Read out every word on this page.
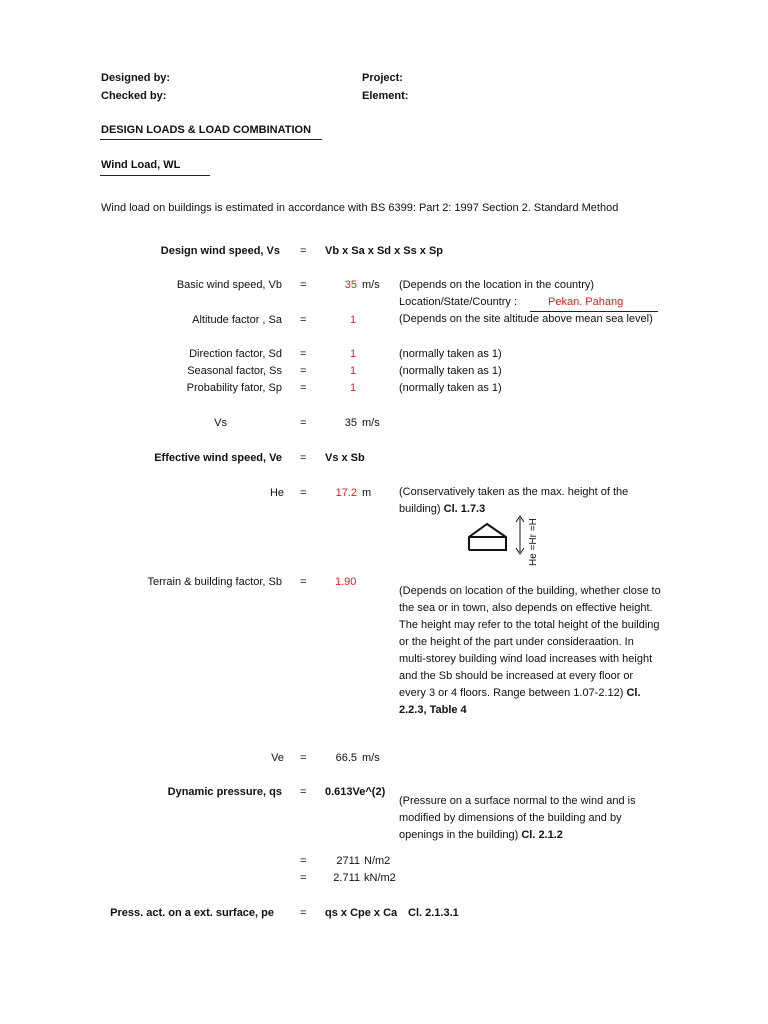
Designed by:
Checked by:
Project:
Element:
DESIGN LOADS & LOAD COMBINATION
Wind Load, WL
Wind load on buildings is estimated in accordance with BS 6399: Part 2: 1997 Section 2. Standard Method
Design wind speed, Vs = Vb x Sa x Sd x Ss x Sp
Basic wind speed, Vb =	35 m/s (Depends on the location in the country)
Location/State/Country :	Pekan. Pahang
Altitude factor , Sa =	1	(Depends on the site altitude above mean sea level)
Direction factor, Sd =	1	(normally taken as 1)
Seasonal factor, Ss =	1	(normally taken as 1)
Probability fator, Sp =	1	(normally taken as 1)
Vs	=	35 m/s
Effective wind speed, Ve = Vs x Sb
He =	17.2 m	(Conservatively taken as the max. height of the building) Cl. 1.7.3
He =Hr =H
Terrain & building factor, Sb =	1.90
(Depends on location of the building, whether close to the sea or in town, also depends on effective height. The height may refer to the total height of the building or the height of the part under consideraation. In multi-storey building wind load increases with height and the Sb should be increased at every floor or every 3 or 4 floors. Range between 1.07-2.12) Cl. 2.2.3, Table 4
Ve =	66.5 m/s
Dynamic pressure, qs = 0.613Ve^(2)
(Pressure on a surface normal to the wind and is modified by dimensions of the building and by openings in the building) Cl. 2.1.2
=	2711 N/m2
=	2.711 kN/m2
Press. act. on a ext. surface, pe = qs x Cpe x Ca Cl. 2.1.3.1
